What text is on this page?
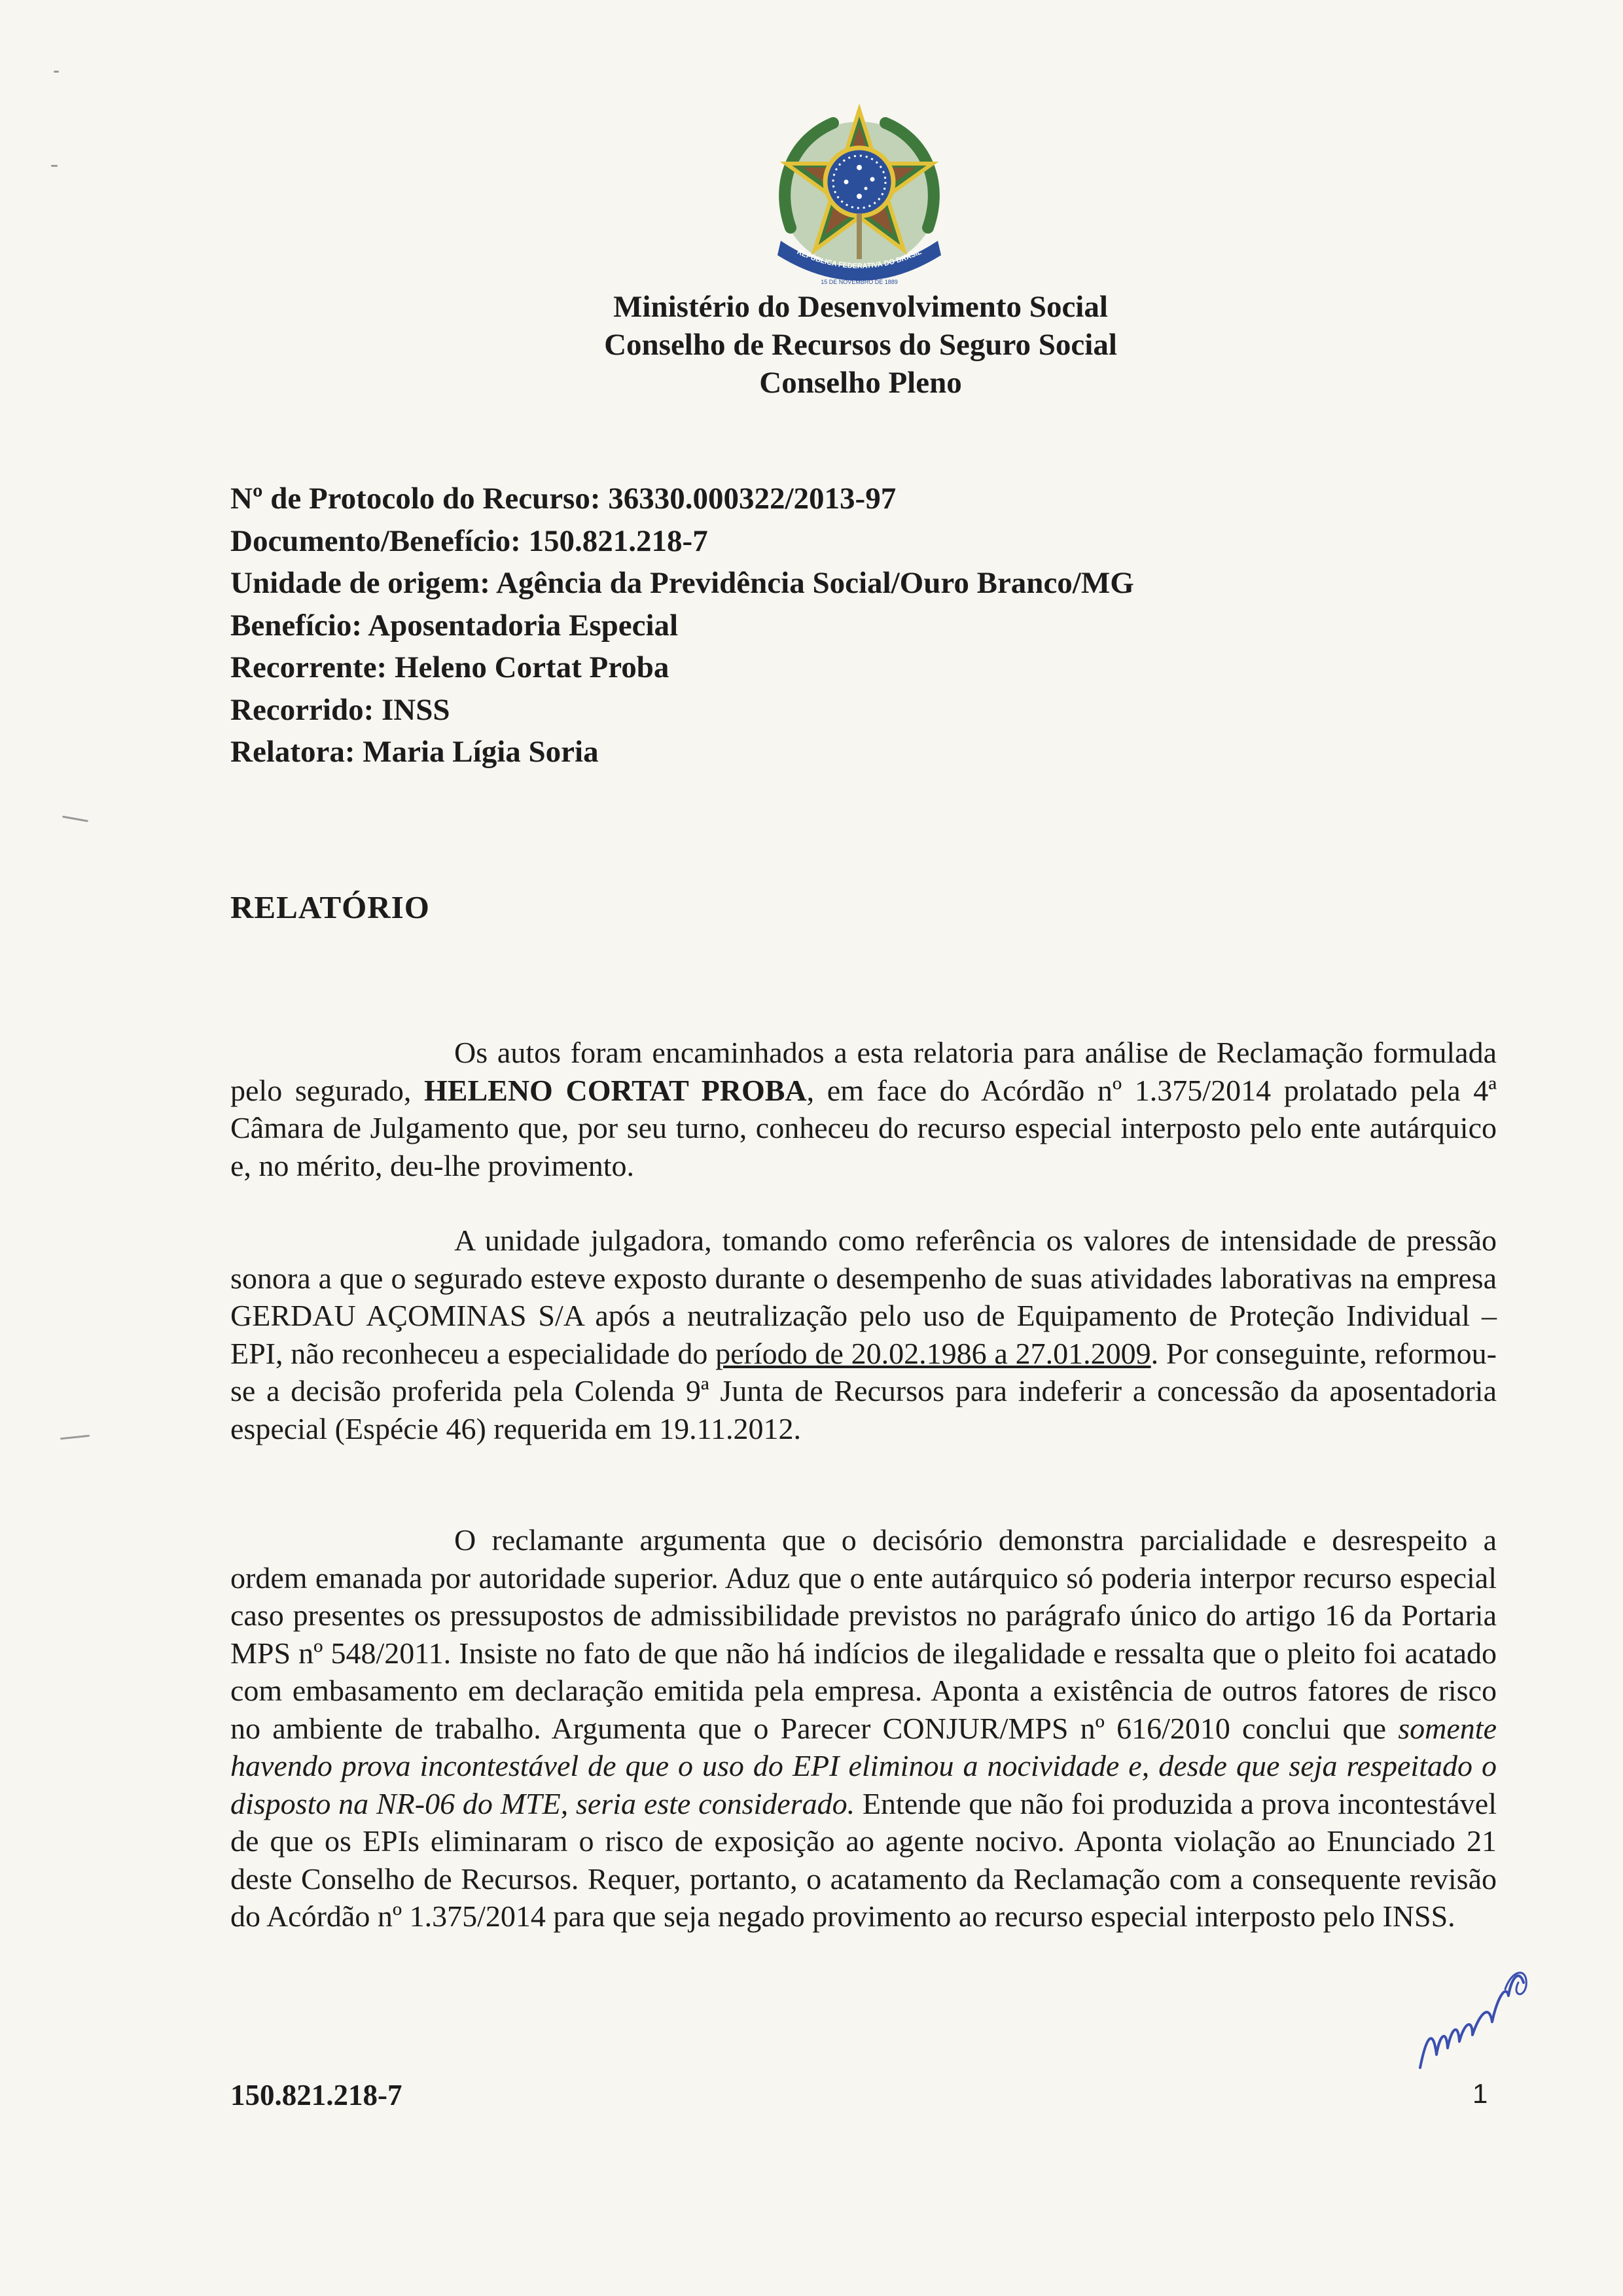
REPÚBLICA FEDERATIVA DO BRASIL
15 DE NOVEMBRO DE 1889
Ministério do Desenvolvimento Social
Conselho de Recursos do Seguro Social
Conselho Pleno
Nº de Protocolo do Recurso: 36330.000322/2013-97
Documento/Benefício: 150.821.218-7
Unidade de origem: Agência da Previdência Social/Ouro Branco/MG
Benefício: Aposentadoria Especial
Recorrente: Heleno Cortat Proba
Recorrido: INSS
Relatora: Maria Lígia Soria
RELATÓRIO

Os autos foram encaminhados a esta relatoria para análise de Reclamação formulada pelo segurado, HELENO CORTAT PROBA, em face do Acórdão nº 1.375/2014 prolatado pela 4ª Câmara de Julgamento que, por seu turno, conheceu do recurso especial interposto pelo ente autárquico e, no mérito, deu-lhe provimento.

A unidade julgadora, tomando como referência os valores de intensidade de pressão sonora a que o segurado esteve exposto durante o desempenho de suas atividades laborativas na empresa GERDAU AÇOMINAS S/A após a neutralização pelo uso de Equipamento de Proteção Individual – EPI, não reconheceu a especialidade do período de 20.02.1986 a 27.01.2009. Por conseguinte, reformou-se a decisão proferida pela Colenda 9ª Junta de Recursos para indeferir a concessão da aposentadoria especial (Espécie 46) requerida em 19.11.2012.

O reclamante argumenta que o decisório demonstra parcialidade e desrespeito a ordem emanada por autoridade superior. Aduz que o ente autárquico só poderia interpor recurso especial caso presentes os pressupostos de admissibilidade previstos no parágrafo único do artigo 16 da Portaria MPS nº 548/2011. Insiste no fato de que não há indícios de ilegalidade e ressalta que o pleito foi acatado com embasamento em declaração emitida pela empresa. Aponta a existência de outros fatores de risco no ambiente de trabalho. Argumenta que o Parecer CONJUR/MPS nº 616/2010 conclui que somente havendo prova incontestável de que o uso do EPI eliminou a nocividade e, desde que seja respeitado o disposto na NR-06 do MTE, seria este considerado. Entende que não foi produzida a prova incontestável de que os EPIs eliminaram o risco de exposição ao agente nocivo. Aponta violação ao Enunciado 21 deste Conselho de Recursos. Requer, portanto, o acatamento da Reclamação com a consequente revisão do Acórdão nº 1.375/2014 para que seja negado provimento ao recurso especial interposto pelo INSS.

150.821.218-7	1
